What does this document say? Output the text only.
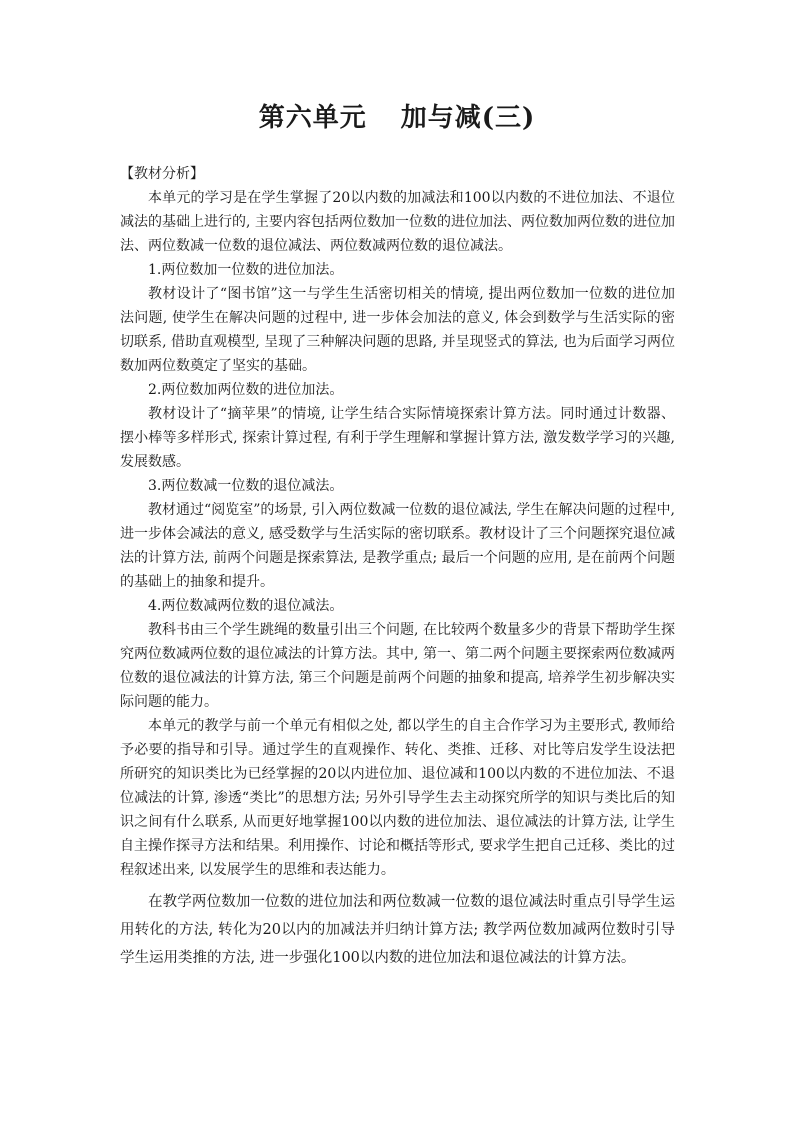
第六单元 加与减(三)

【教材分析】

本单元的学习是在学生掌握了20以内数的加减法和100以内数的不进位加法、不退位减法的基础上进行的, 主要内容包括两位数加一位数的进位加法、两位数加两位数的进位加法、两位数减一位数的退位减法、两位数减两位数的退位减法。

1.两位数加一位数的进位加法。

教材设计了“图书馆”这一与学生生活密切相关的情境, 提出两位数加一位数的进位加法问题, 使学生在解决问题的过程中, 进一步体会加法的意义, 体会到数学与生活实际的密切联系, 借助直观模型, 呈现了三种解决问题的思路, 并呈现竖式的算法, 也为后面学习两位数加两位数奠定了坚实的基础。

2.两位数加两位数的进位加法。

教材设计了“摘苹果”的情境, 让学生结合实际情境探索计算方法。同时通过计数器、摆小棒等多样形式, 探索计算过程, 有利于学生理解和掌握计算方法, 激发数学学习的兴趣, 发展数感。

3.两位数减一位数的退位减法。

教材通过“阅览室”的场景, 引入两位数减一位数的退位减法, 学生在解决问题的过程中, 进一步体会减法的意义, 感受数学与生活实际的密切联系。教材设计了三个问题探究退位减法的计算方法, 前两个问题是探索算法, 是教学重点; 最后一个问题的应用, 是在前两个问题的基础上的抽象和提升。

4.两位数减两位数的退位减法。

教科书由三个学生跳绳的数量引出三个问题, 在比较两个数量多少的背景下帮助学生探究两位数减两位数的退位减法的计算方法。其中, 第一、第二两个问题主要探索两位数减两位数的退位减法的计算方法, 第三个问题是前两个问题的抽象和提高, 培养学生初步解决实际问题的能力。

本单元的教学与前一个单元有相似之处, 都以学生的自主合作学习为主要形式, 教师给予必要的指导和引导。通过学生的直观操作、转化、类推、迁移、对比等启发学生设法把所研究的知识类比为已经掌握的20以内进位加、退位减和100以内数的不进位加法、不退位减法的计算, 渗透“类比”的思想方法; 另外引导学生去主动探究所学的知识与类比后的知识之间有什么联系, 从而更好地掌握100以内数的进位加法、退位减法的计算方法, 让学生自主操作探寻方法和结果。利用操作、讨论和概括等形式, 要求学生把自己迁移、类比的过程叙述出来, 以发展学生的思维和表达能力。

在教学两位数加一位数的进位加法和两位数减一位数的退位减法时重点引导学生运用转化的方法, 转化为20以内的加减法并归纳计算方法; 教学两位数加减两位数时引导学生运用类推的方法, 进一步强化100以内数的进位加法和退位减法的计算方法。
